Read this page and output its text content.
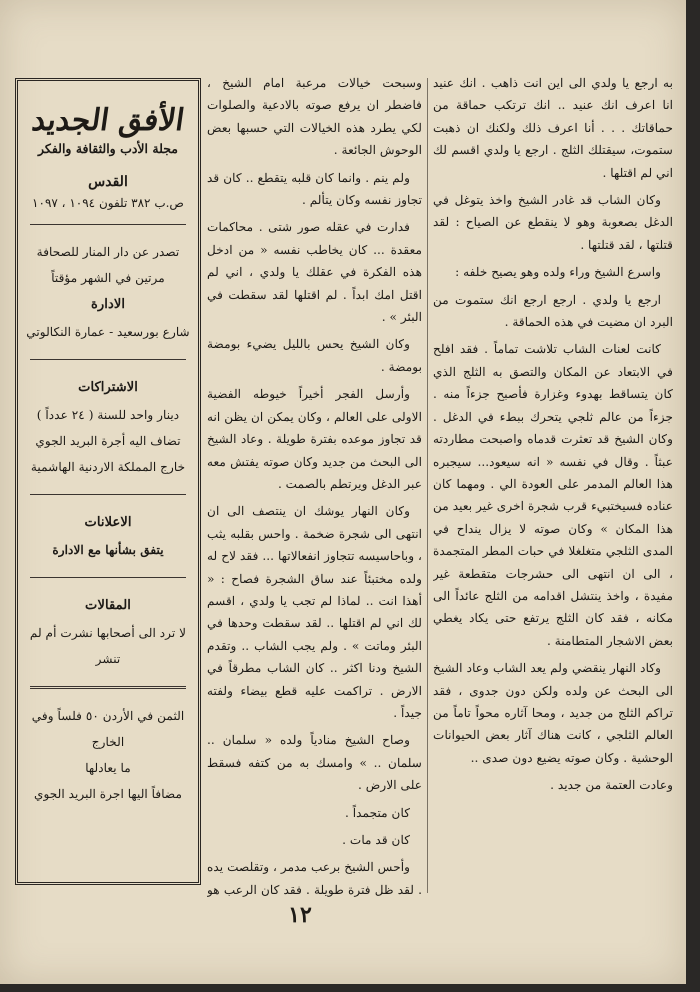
به ارجع يا ولدي الى اين انت ذاهب . انك عنيد انا اعرف انك عنيد .. انك ترتكب حماقة من حماقاتك . . . أنا اعرف ذلك ولكنك ان ذهبت ستموت، سيقتلك الثلج . ارجع يا ولدي اقسم لك اني لم اقتلها .

وكان الشاب قد غادر الشيخ واخذ يتوغل في الدغل بصعوبة وهو لا ينقطع عن الصياح : لقد قتلتها ، لقد قتلتها .

واسرع الشيخ وراء ولده وهو يصيح خلفه :

ارجع يا ولدي . ارجع ارجع انك ستموت من البرد ان مضيت في هذه الحماقة .

كانت لعنات الشاب تلاشت تماماً . فقد افلح في الابتعاد عن المكان والتصق به الثلج الذي كان يتساقط بهدوء وغزارة فأصبح جزءاً منه . جزءاً من عالم ثلجي يتحرك ببطء في الدغل . وكان الشيخ قد تعثرت قدماه واصبحت مطاردته عبثاً . وقال في نفسه « انه سيعود... سيجبره هذا العالم المدمر على العودة الي . ومهما كان عناده فسيختبيء قرب شجرة اخرى غير بعيد من هذا المكان » وكان صوته لا يزال ينداح في المدى الثلجي متغلغلا في حبات المطر المتجمدة ، الى ان انتهى الى حشرجات متقطعة غير مفيدة ، واخذ ينتشل اقدامه من الثلج عائداً الى مكانه ، فقد كان الثلج يرتفع حتى يكاد يغطي بعض الاشجار المتطامنة .

وكاد النهار ينقضي ولم يعد الشاب وعاد الشيخ الى البحث عن ولده ولكن دون جدوى ، فقد تراكم الثلج من جديد ، ومحا آثاره محواً تاماً من العالم الثلجي ، كانت هناك آثار بعض الحيوانات الوحشية . وكان صوته يضيع دون صدى ..

وعادت العتمة من جديد .

وسبحت خيالات مرعبة امام الشيخ ، فاضطر ان يرفع صوته بالادعية والصلوات لكي يطرد هذه الخيالات التي حسبها بعض الوحوش الجائعة .

ولم ينم . وانما كان قلبه يتقطع .. كان قد تجاوز نفسه وكان يتألم .

فدارت في عقله صور شتى . محاكمات معقدة ... كان يخاطب نفسه « من ادخل هذه الفكرة في عقلك يا ولدي ، اني لم اقتل امك ابداً . لم اقتلها لقد سقطت في البئر » .

وكان الشيخ يحس بالليل يضيء بومضة بومضة .

وأرسل الفجر أخيراً خيوطه الفضية الاولى على العالم ، وكان يمكن ان يظن انه قد تجاوز موعده بفترة طويلة . وعاد الشيخ الى البحث من جديد وكان صوته يفتش معه عبر الدغل ويرتطم بالصمت .

وكان النهار يوشك ان ينتصف الى ان انتهى الى شجرة ضخمة . واحس بقلبه يثب ، وباحاسيسه تتجاوز انفعالاتها ... فقد لاح له ولده مختبئاً عند ساق الشجرة فصاح : « أهذا انت .. لماذا لم تجب يا ولدي ، اقسم لك اني لم اقتلها .. لقد سقطت وحدها في البئر وماتت » . ولم يجب الشاب .. وتقدم الشيخ ودنا اكثر .. كان الشاب مطرقاً في الارض . تراكمت عليه قطع بيضاء ولفته جيداً .

وصاح الشيخ منادياً ولده « سلمان .. سلمان .. » وامسك به من كتفه فسقط على الارض .

كان متجمداً .

كان قد مات .

وأحس الشيخ برعب مدمر ، وتقلصت يده . لقد ظل فترة طويلة . فقد كان الرعب هو

الأفق الجديد
مجلة الأدب والثقافة والفكر
القدس
ص.ب ٣٨٢ تلفون ١٠٩٤ ، ١٠٩٧
تصدر عن دار المنار للصحافة
مرتين في الشهر مؤقتاً
الادارة
شارع بورسعيد - عمارة النكالوتي
الاشتراكات
دينار واحد للسنة ( ٢٤ عدداً )
تضاف اليه أجرة البريد الجوي
خارج المملكة الاردنية الهاشمية
الاعلانات
يتفق بشأنها مع الادارة
المقالات
لا ترد الى أصحابها نشرت أم لم تنشر
الثمن في الأردن ٥٠ فلساً وفي الخارج
ما يعادلها
مضافاً اليها اجرة البريد الجوي
١٢
